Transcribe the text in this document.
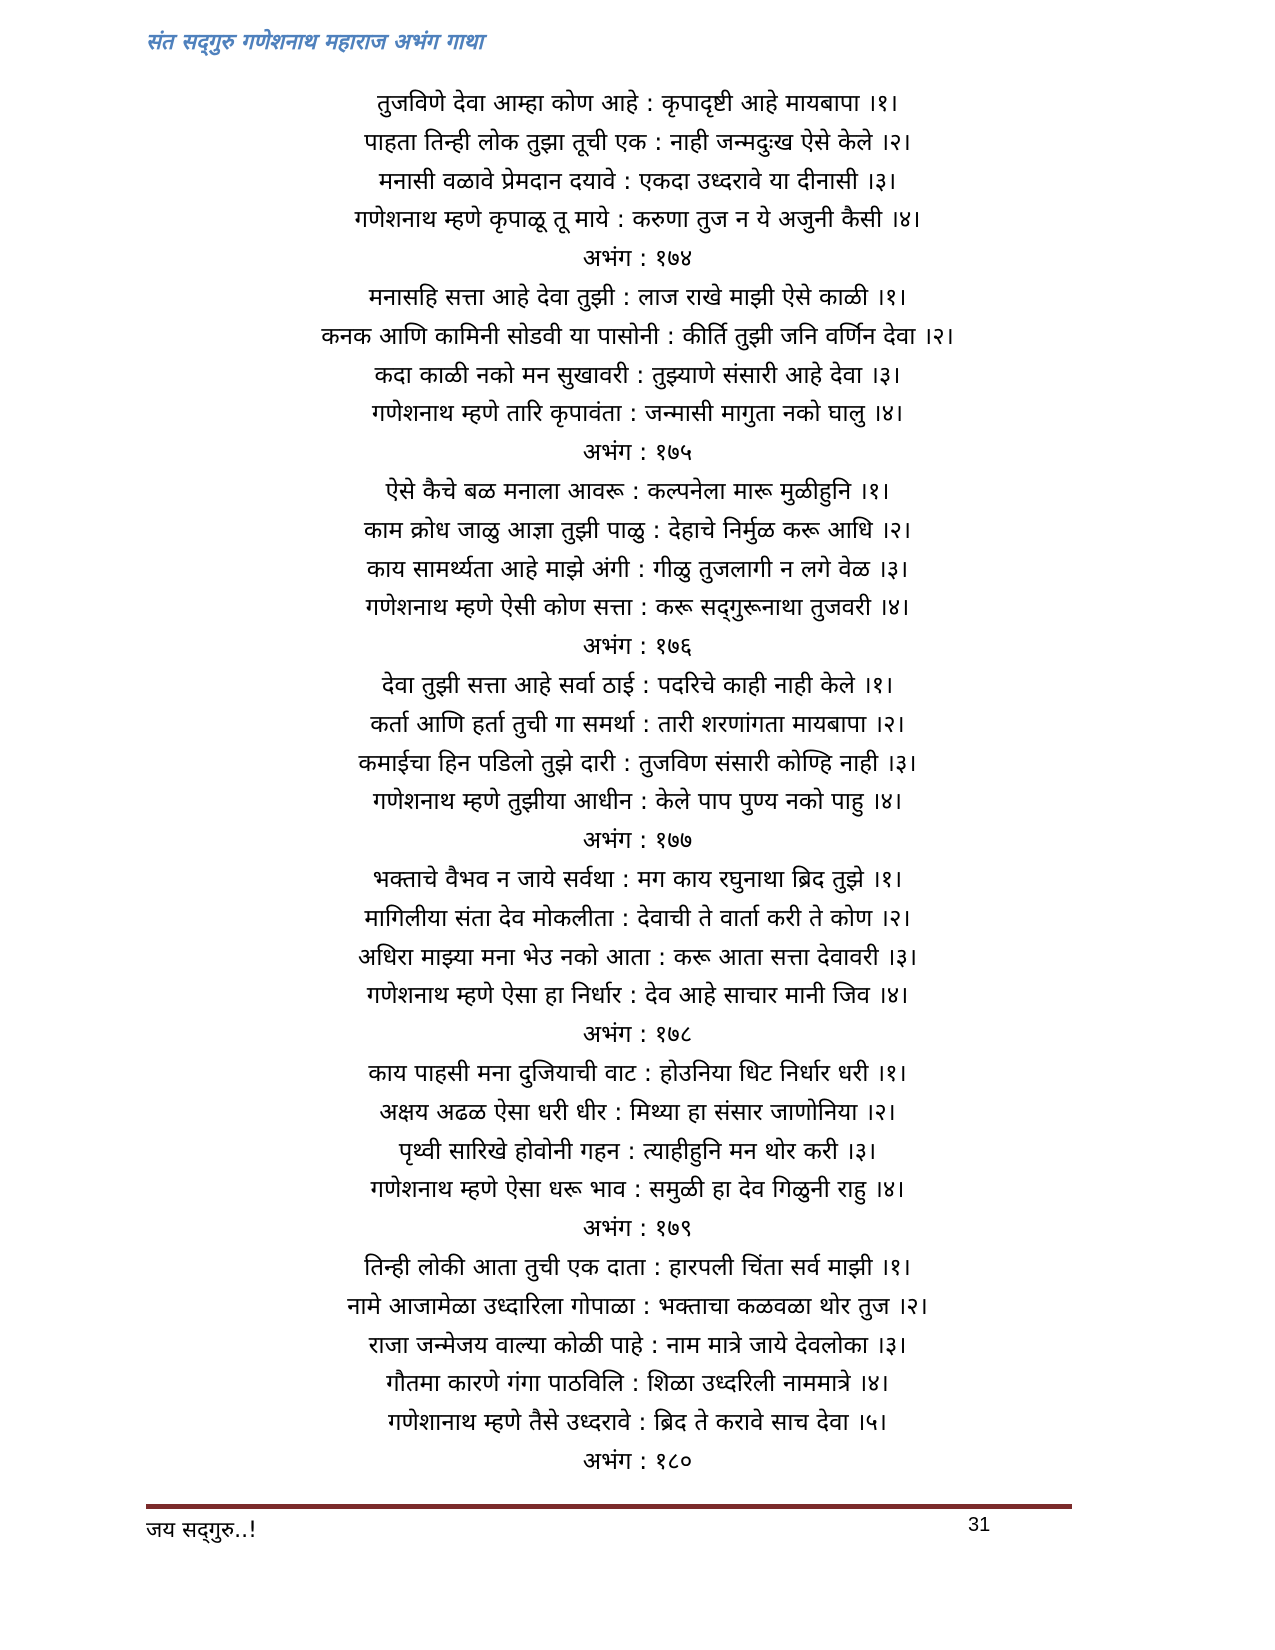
संत सद्‌गुरु गणेशनाथ महाराज अभंग गाथा
तुजविणे देवा आम्हा कोण आहे : कृपादृष्टी आहे मायबापा ।१।
पाहता तिन्ही लोक तुझा तूची एक : नाही जन्मदुःख ऐसे केले ।२।
मनासी वळावे प्रेमदान दयावे : एकदा उध्दरावे या दीनासी ।३।
गणेशनाथ म्हणे कृपाळू तू माये : करुणा तुज न ये अजुनी कैसी ।४।
अभंग : १७४
मनासहि सत्ता आहे देवा तुझी : लाज राखे माझी ऐसे काळी ।१।
कनक आणि कामिनी सोडवी या पासोनी : कीर्ति तुझी जनि वर्णिन देवा ।२।
कदा काळी नको मन सुखावरी : तुझ्याणे संसारी आहे देवा ।३।
गणेशनाथ म्हणे तारि कृपावंता : जन्मासी मागुता नको घालु ।४।
अभंग : १७५
ऐसे कैचे बळ मनाला आवरू : कल्पनेला मारू मुळीहुनि ।१।
काम क्रोध जाळु आज्ञा तुझी पाळु : देहाचे निर्मुळ करू आधि ।२।
काय सामर्थ्यता आहे माझे अंगी : गीळु तुजलागी न लगे वेळ ।३।
गणेशनाथ म्हणे ऐसी कोण सत्ता : करू सद्‌गुरूनाथा तुजवरी ।४।
अभंग : १७६
देवा तुझी सत्ता आहे सर्वा ठाई : पदरिचे काही नाही केले ।१।
कर्ता आणि हर्ता तुची गा समर्था : तारी शरणांगता मायबापा ।२।
कमाईचा हिन पडिलो तुझे दारी : तुजविण संसारी कोण्हि नाही ।३।
गणेशनाथ म्हणे तुझीया आधीन : केले पाप पुण्य नको पाहु ।४।
अभंग : १७७
भक्ताचे वैभव न जाये सर्वथा : मग काय रघुनाथा ब्रिद तुझे ।१।
मागिलीया संता देव मोकलीता : देवाची ते वार्ता करी ते कोण ।२।
अधिरा माझ्या मना भेउ नको आता : करू आता सत्ता देवावरी ।३।
गणेशनाथ म्हणे ऐसा हा निर्धार : देव आहे साचार मानी जिव ।४।
अभंग : १७८
काय पाहसी मना दुजियाची वाट : होउनिया धिट निर्धार धरी ।१।
अक्षय अढळ ऐसा धरी धीर : मिथ्या हा संसार जाणोनिया ।२।
पृथ्वी सारिखे होवोनी गहन : त्याहीहुनि मन थोर करी ।३।
गणेशनाथ म्हणे ऐसा धरू भाव : समुळी हा देव गिळुनी राहु ।४।
अभंग : १७९
तिन्ही लोकी आता तुची एक दाता : हारपली चिंता सर्व माझी ।१।
नामे आजामेळा उध्दारिला गोपाळा : भक्ताचा कळवळा थोर तुज ।२।
राजा जन्मेजय वाल्या कोळी पाहे : नाम मात्रे जाये देवलोका ।३।
गौतमा कारणे गंगा पाठविलि : शिळा उध्दरिली नाममात्रे ।४।
गणेशानाथ म्हणे तैसे उध्दरावे : ब्रिद ते करावे साच देवा ।५।
अभंग : १८०
जय सद्‌गुरु..!	31
